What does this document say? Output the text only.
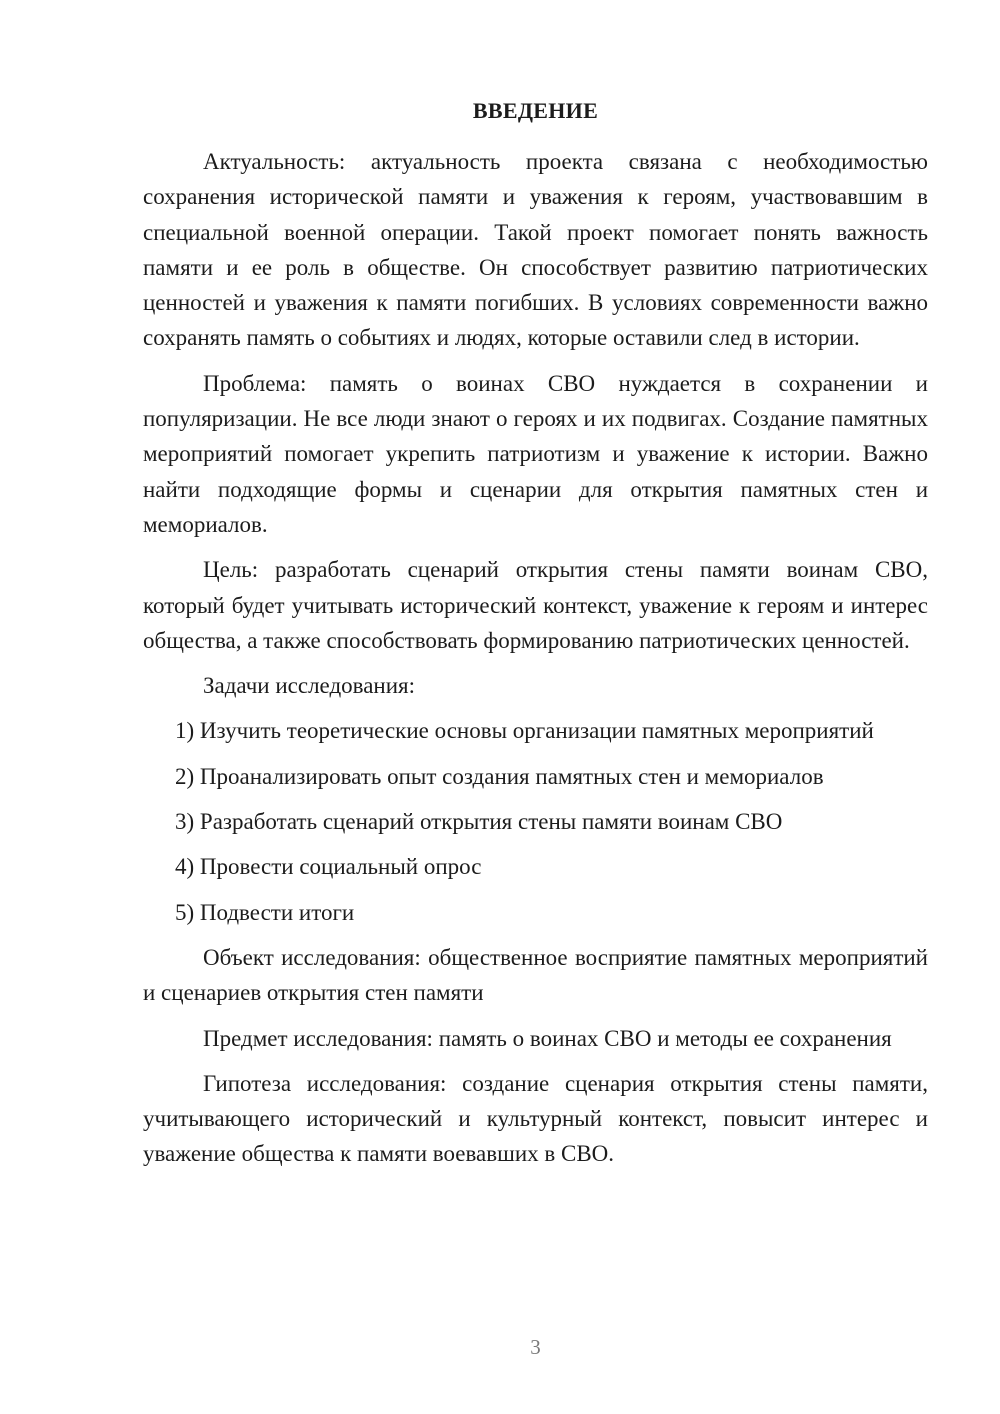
ВВЕДЕНИЕ

Актуальность: актуальность проекта связана с необходимостью сохранения исторической памяти и уважения к героям, участвовавшим в специальной военной операции. Такой проект помогает понять важность памяти и ее роль в обществе. Он способствует развитию патриотических ценностей и уважения к памяти погибших. В условиях современности важно сохранять память о событиях и людях, которые оставили след в истории.

Проблема: память о воинах СВО нуждается в сохранении и популяризации. Не все люди знают о героях и их подвигах. Создание памятных мероприятий помогает укрепить патриотизм и уважение к истории. Важно найти подходящие формы и сценарии для открытия памятных стен и мемориалов.

Цель: разработать сценарий открытия стены памяти воинам СВО, который будет учитывать исторический контекст, уважение к героям и интерес общества, а также способствовать формированию патриотических ценностей.

Задачи исследования:

1) Изучить теоретические основы организации памятных мероприятий

2) Проанализировать опыт создания памятных стен и мемориалов

3) Разработать сценарий открытия стены памяти воинам СВО

4) Провести социальный опрос

5) Подвести итоги

Объект исследования: общественное восприятие памятных мероприятий и сценариев открытия стен памяти

Предмет исследования: память о воинах СВО и методы ее сохранения

Гипотеза исследования: создание сценария открытия стены памяти, учитывающего исторический и культурный контекст, повысит интерес и уважение общества к памяти воевавших в СВО.

3
